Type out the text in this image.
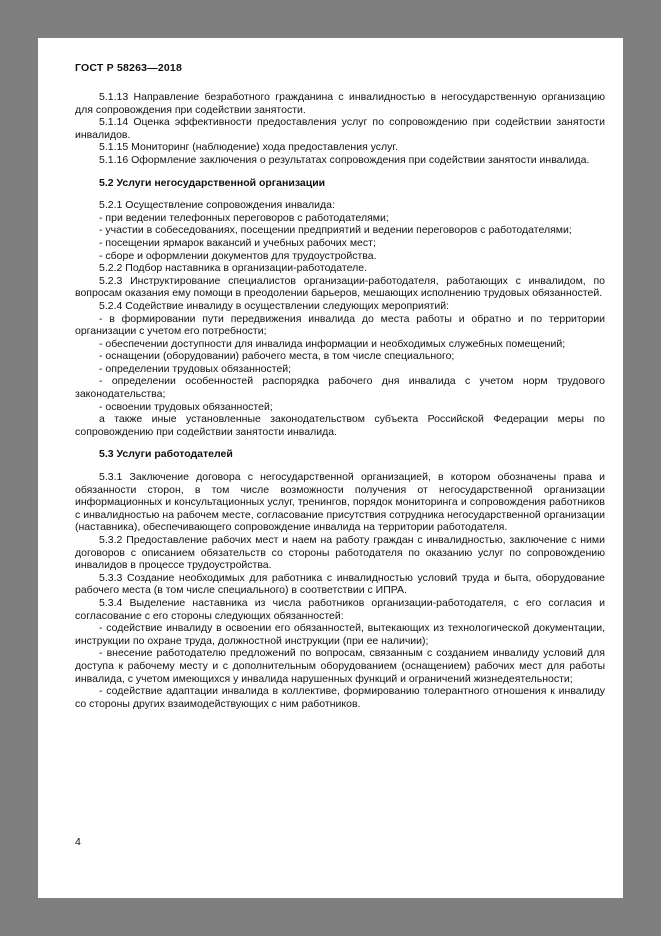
ГОСТ Р 58263—2018

5.1.13 Направление безработного гражданина с инвалидностью в негосударственную организацию для сопровождения при содействии занятости.

5.1.14 Оценка эффективности предоставления услуг по сопровождению при содействии занятости инвалидов.

5.1.15 Мониторинг (наблюдение) хода предоставления услуг.

5.1.16 Оформление заключения о результатах сопровождения при содействии занятости инвалида.

5.2 Услуги негосударственной организации

5.2.1 Осуществление сопровождения инвалида:

- при ведении телефонных переговоров с работодателями;

- участии в собеседованиях, посещении предприятий и ведении переговоров с работодателями;

- посещении ярмарок вакансий и учебных рабочих мест;

- сборе и оформлении документов для трудоустройства.

5.2.2 Подбор наставника в организации-работодателе.

5.2.3 Инструктирование специалистов организации-работодателя, работающих с инвалидом, по вопросам оказания ему помощи в преодолении барьеров, мешающих исполнению трудовых обязанностей.

5.2.4 Содействие инвалиду в осуществлении следующих мероприятий:

- в формировании пути передвижения инвалида до места работы и обратно и по территории организации с учетом его потребности;

- обеспечении доступности для инвалида информации и необходимых служебных помещений;

- оснащении (оборудовании) рабочего места, в том числе специального;

- определении трудовых обязанностей;

- определении особенностей распорядка рабочего дня инвалида с учетом норм трудового законодательства;

- освоении трудовых обязанностей;

а также иные установленные законодательством субъекта Российской Федерации меры по сопровождению при содействии занятости инвалида.

5.3 Услуги работодателей

5.3.1 Заключение договора с негосударственной организацией, в котором обозначены права и обязанности сторон, в том числе возможности получения от негосударственной организации информационных и консультационных услуг, тренингов, порядок мониторинга и сопровождения работников с инвалидностью на рабочем месте, согласование присутствия сотрудника негосударственной организации (наставника), обеспечивающего сопровождение инвалида на территории работодателя.

5.3.2 Предоставление рабочих мест и наем на работу граждан с инвалидностью, заключение с ними договоров с описанием обязательств со стороны работодателя по оказанию услуг по сопровождению инвалидов в процессе трудоустройства.

5.3.3 Создание необходимых для работника с инвалидностью условий труда и быта, оборудование рабочего места (в том числе специального) в соответствии с ИПРА.

5.3.4 Выделение наставника из числа работников организации-работодателя, с его согласия и согласование с его стороны следующих обязанностей:

- содействие инвалиду в освоении его обязанностей, вытекающих из технологической документации, инструкции по охране труда, должностной инструкции (при ее наличии);

- внесение работодателю предложений по вопросам, связанным с созданием инвалиду условий для доступа к рабочему месту и с дополнительным оборудованием (оснащением) рабочих мест для работы инвалида, с учетом имеющихся у инвалида нарушенных функций и ограничений жизнедеятельности;

- содействие адаптации инвалида в коллективе, формированию толерантного отношения к инвалиду со стороны других взаимодействующих с ним работников.

4
